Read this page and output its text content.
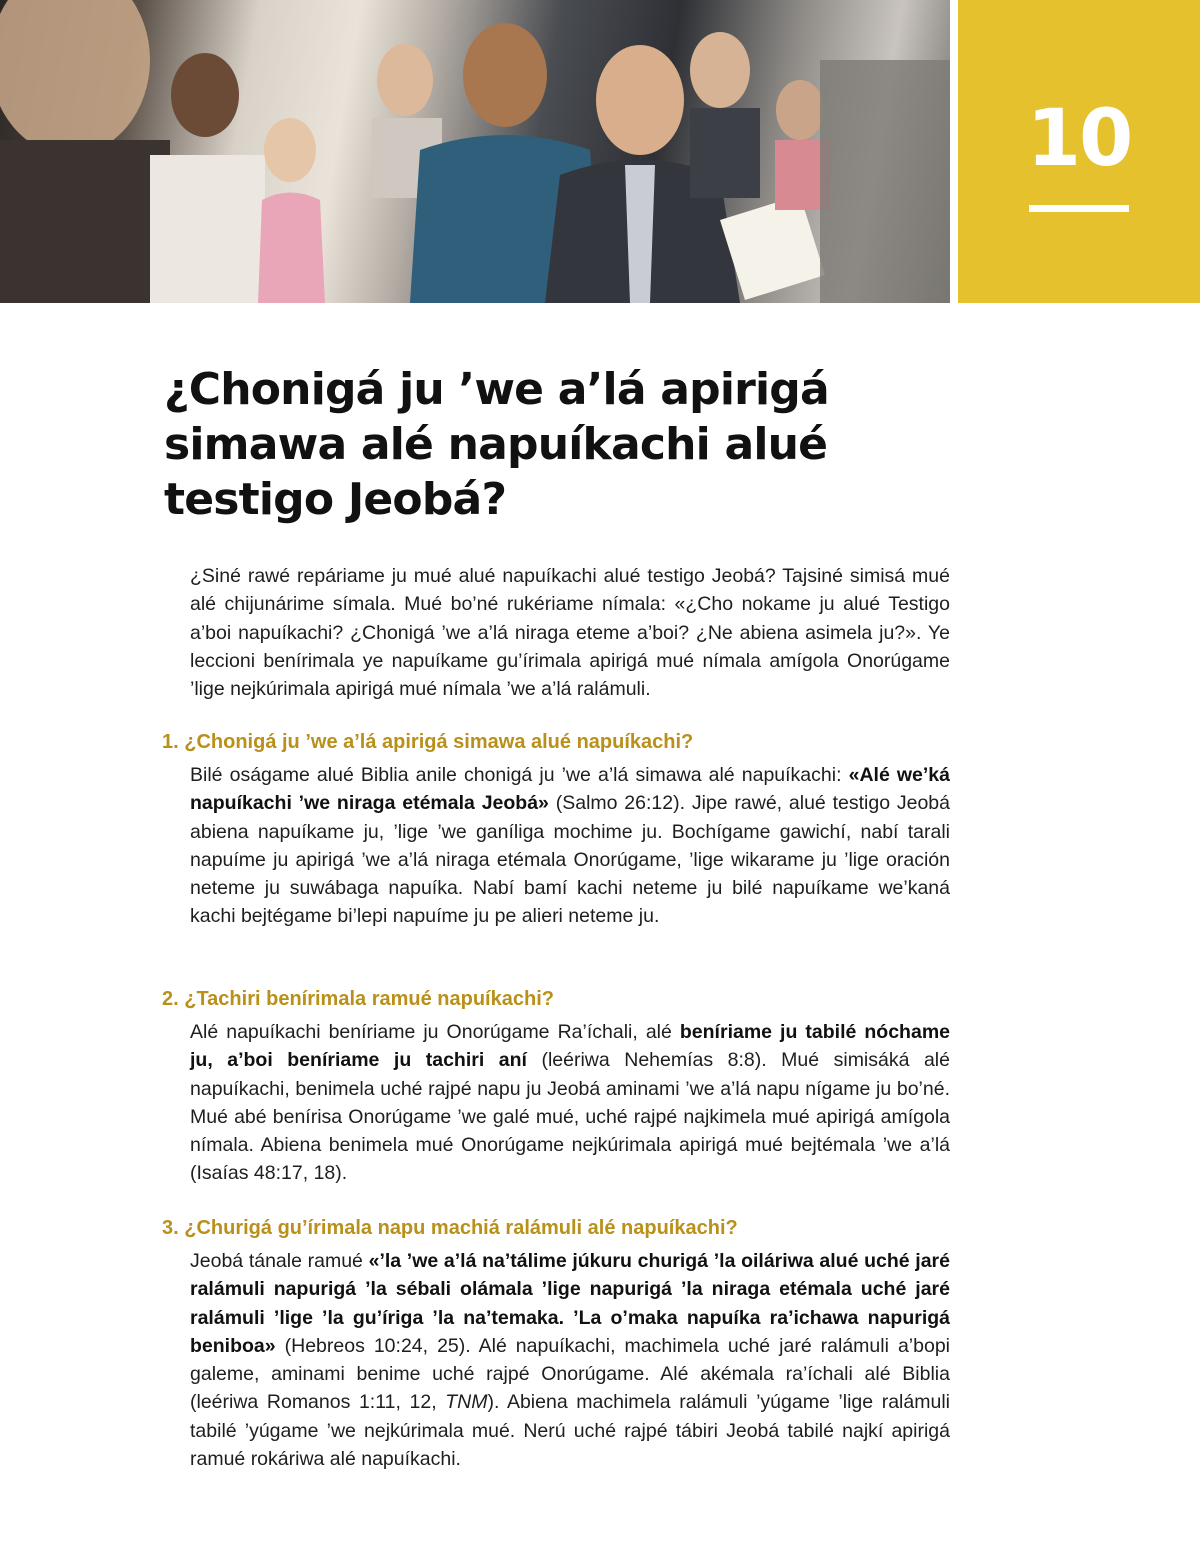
10
¿Chonigá ju ’we a’lá apirigá simawa alé napuíkachi alué testigo Jeobá?

¿Siné rawé repáriame ju mué alué napuíkachi alué testigo Jeobá? Tajsiné simisá mué alé chijunárime símala. Mué bo’né rukériame nímala: «¿Cho nokame ju alué Testigo a’boi napuíkachi? ¿Chonigá ’we a’lá niraga eteme a’boi? ¿Ne abiena asimela ju?». Ye leccioni benírimala ye napuíkame gu’írimala apirigá mué nímala amígola Onorúgame ’lige nejkúrimala apirigá mué nímala ’we a’lá ralámuli.

1. ¿Chonigá ju ’we a’lá apirigá simawa alué napuíkachi?

Bilé oságame alué Biblia anile chonigá ju ’we a’lá simawa alé napuíkachi: «Alé we’ká napuíkachi ’we niraga etémala Jeobá» (Salmo 26:12). Jipe rawé, alué testigo Jeobá abiena napuíkame ju, ’lige ’we ganíliga mochime ju. Bochígame gawichí, nabí tarali napuíme ju apirigá ’we a’lá niraga etémala Onorúgame, ’lige wikarame ju ’lige oración neteme ju suwábaga napuíka. Nabí bamí kachi neteme ju bilé napuíkame we’kaná kachi bejtégame bi’lepi napuíme ju pe alieri neteme ju.

2. ¿Tachiri benírimala ramué napuíkachi?

Alé napuíkachi beníriame ju Onorúgame Ra’íchali, alé beníriame ju tabilé nóchame ju, a’boi beníriame ju tachiri aní (leériwa Nehemías 8:8). Mué simisáká alé napuíkachi, benimela uché rajpé napu ju Jeobá aminami ’we a’lá napu nígame ju bo’né. Mué abé benírisa Onorúgame ’we galé mué, uché rajpé najkimela mué apirigá amígola nímala. Abiena benimela mué Onorúgame nejkúrimala apirigá mué bejtémala ’we a’lá (Isaías 48:17, 18).

3. ¿Churigá gu’írimala napu machiá ralámuli alé napuíkachi?

Jeobá tánale ramué «’la ’we a’lá na’tálime júkuru churigá ’la oiláriwa alué uché jaré ralámuli napurigá ’la sébali olámala ’lige napurigá ’la niraga etémala uché jaré ralámuli ’lige ’la gu’íriga ’la na’temaka. ’La o’maka napuíka ra’ichawa napurigá beniboa» (Hebreos 10:24, 25). Alé napuíkachi, machimela uché jaré ralámuli a’bopi galeme, aminami benime uché rajpé Onorúgame. Alé akémala ra’íchali alé Biblia (leériwa Romanos 1:11, 12, TNM). Abiena machimela ralámuli ’yúgame ’lige ralámuli tabilé ’yúgame ’we nejkúrimala mué. Nerú uché rajpé tábiri Jeobá tabilé najkí apirigá ramué rokáriwa alé napuíkachi.
